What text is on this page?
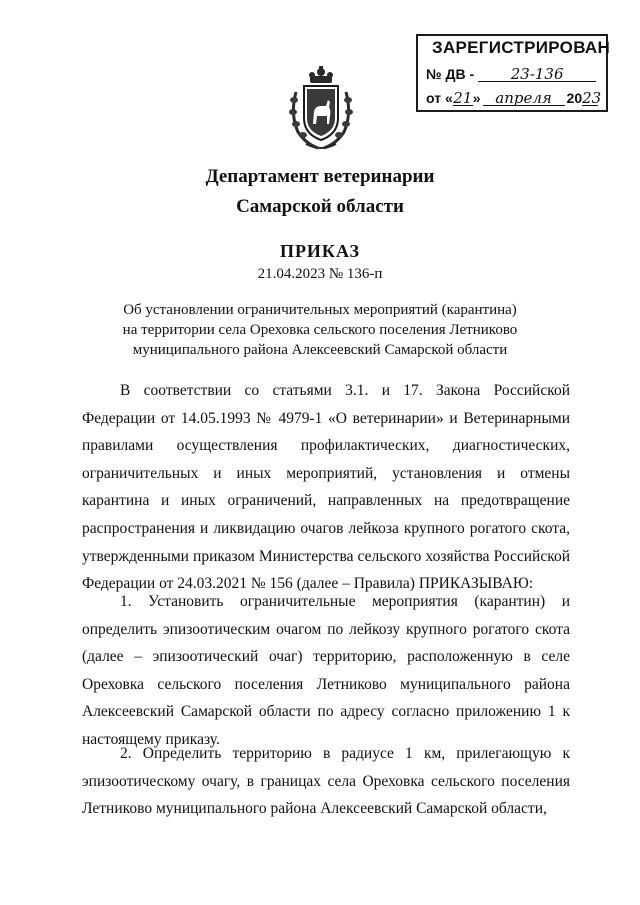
ЗАРЕГИСТРИРОВАН
№ ДВ - 23-136
от «21» апреля 2023
Департамент ветеринарии
Самарской области
ПРИКАЗ
21.04.2023 № 136-п
Об установлении ограничительных мероприятий (карантина)
на территории села Ореховка сельского поселения Летниково
муниципального района Алексеевский Самарской области

В соответствии со статьями 3.1. и 17. Закона Российской Федерации от 14.05.1993 № 4979-1 «О ветеринарии» и Ветеринарными правилами осуществления профилактических, диагностических, ограничительных и иных мероприятий, установления и отмены карантина и иных ограничений, направленных на предотвращение распространения и ликвидацию очагов лейкоза крупного рогатого скота, утвержденными приказом Министерства сельского хозяйства Российской Федерации от 24.03.2021 № 156 (далее – Правила) ПРИКАЗЫВАЮ:

1. Установить ограничительные мероприятия (карантин) и определить эпизоотическим очагом по лейкозу крупного рогатого скота (далее – эпизоотический очаг) территорию, расположенную в селе Ореховка сельского поселения Летниково муниципального района Алексеевский Самарской области по адресу согласно приложению 1 к настоящему приказу.

2. Определить территорию в радиусе 1 км, прилегающую к эпизоотическому очагу, в границах села Ореховка сельского поселения Летниково муниципального района Алексеевский Самарской области,
